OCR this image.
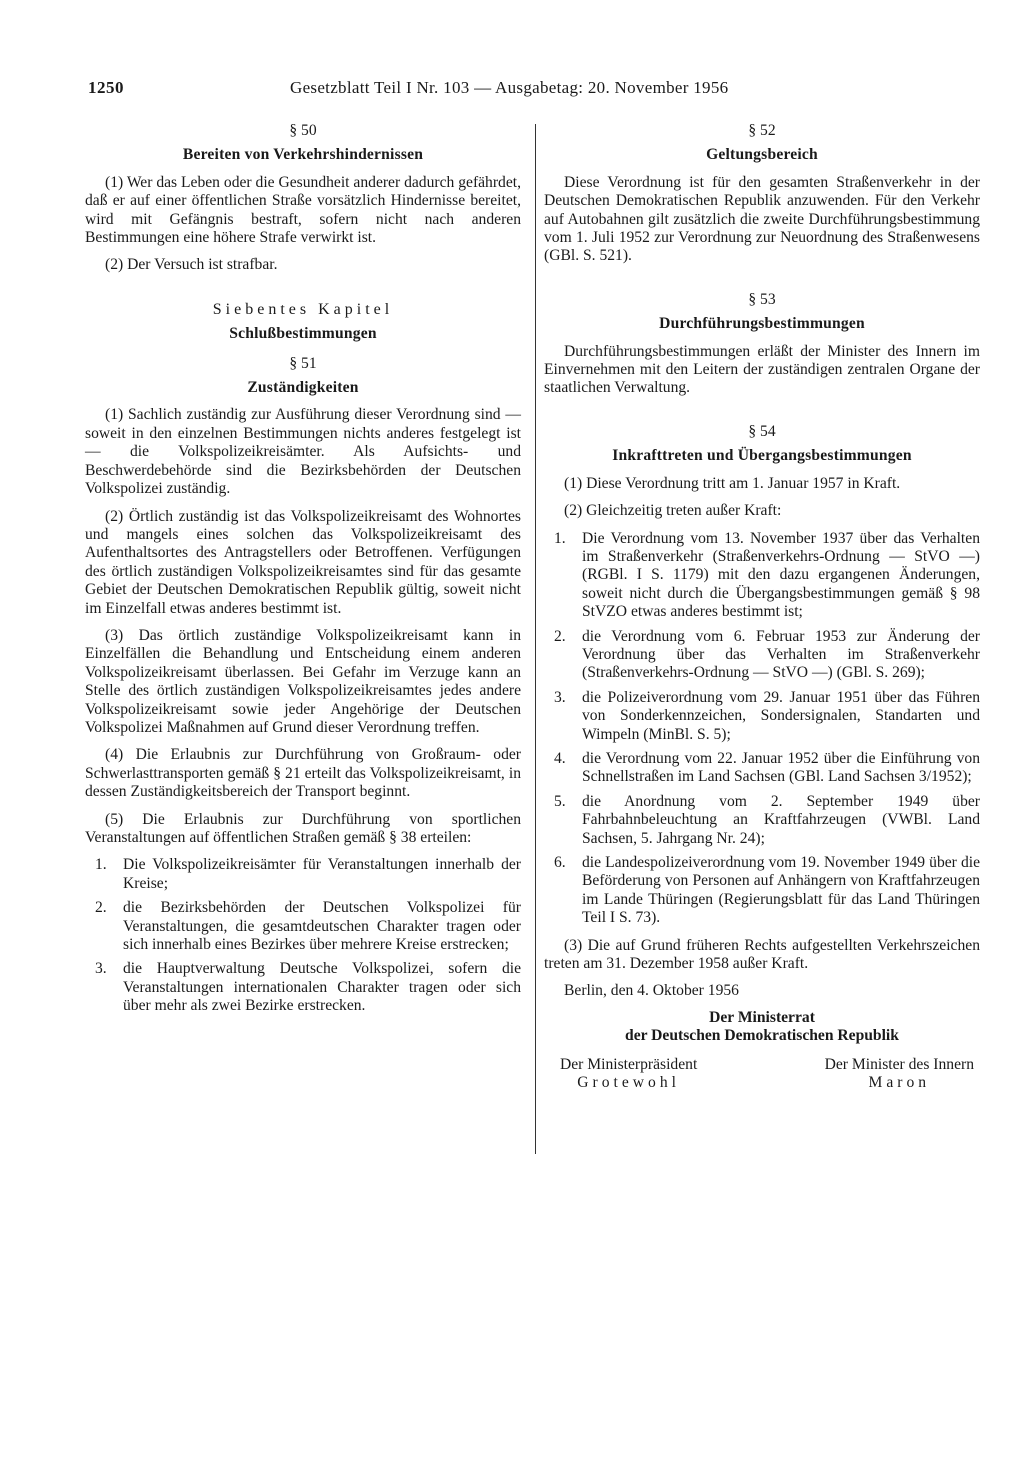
1250	Gesetzblatt Teil I Nr. 103 — Ausgabetag: 20. November 1956
§ 50
Bereiten von Verkehrshindernissen

(1) Wer das Leben oder die Gesundheit anderer dadurch gefährdet, daß er auf einer öffentlichen Straße vorsätzlich Hindernisse bereitet, wird mit Gefängnis bestraft, sofern nicht nach anderen Bestimmungen eine höhere Strafe verwirkt ist.

(2) Der Versuch ist strafbar.

Siebentes Kapitel
Schlußbestimmungen
§ 51
Zuständigkeiten

(1) Sachlich zuständig zur Ausführung dieser Verordnung sind — soweit in den einzelnen Bestimmungen nichts anderes festgelegt ist — die Volkspolizeikreisämter. Als Aufsichts- und Beschwerdebehörde sind die Bezirksbehörden der Deutschen Volkspolizei zuständig.

(2) Örtlich zuständig ist das Volkspolizeikreisamt des Wohnortes und mangels eines solchen das Volkspolizeikreisamt des Aufenthaltsortes des Antragstellers oder Betroffenen. Verfügungen des örtlich zuständigen Volkspolizeikreisamtes sind für das gesamte Gebiet der Deutschen Demokratischen Republik gültig, soweit nicht im Einzelfall etwas anderes bestimmt ist.

(3) Das örtlich zuständige Volkspolizeikreisamt kann in Einzelfällen die Behandlung und Entscheidung einem anderen Volkspolizeikreisamt überlassen. Bei Gefahr im Verzuge kann an Stelle des örtlich zuständigen Volkspolizeikreisamtes jedes andere Volkspolizeikreisamt sowie jeder Angehörige der Deutschen Volkspolizei Maßnahmen auf Grund dieser Verordnung treffen.

(4) Die Erlaubnis zur Durchführung von Großraum- oder Schwerlasttransporten gemäß § 21 erteilt das Volkspolizeikreisamt, in dessen Zuständigkeitsbereich der Transport beginnt.

(5) Die Erlaubnis zur Durchführung von sportlichen Veranstaltungen auf öffentlichen Straßen gemäß § 38 erteilen:

1.	Die Volkspolizeikreisämter für Veranstaltungen innerhalb der Kreise;
2.	die Bezirksbehörden der Deutschen Volkspolizei für Veranstaltungen, die gesamtdeutschen Charakter tragen oder sich innerhalb eines Bezirkes über mehrere Kreise erstrecken;
3.	die Hauptverwaltung Deutsche Volkspolizei, sofern die Veranstaltungen internationalen Charakter tragen oder sich über mehr als zwei Bezirke erstrecken.
§ 52
Geltungsbereich

Diese Verordnung ist für den gesamten Straßenverkehr in der Deutschen Demokratischen Republik anzuwenden. Für den Verkehr auf Autobahnen gilt zusätzlich die zweite Durchführungsbestimmung vom 1. Juli 1952 zur Verordnung zur Neuordnung des Straßenwesens (GBl. S. 521).

§ 53
Durchführungsbestimmungen

Durchführungsbestimmungen erläßt der Minister des Innern im Einvernehmen mit den Leitern der zuständigen zentralen Organe der staatlichen Verwaltung.

§ 54
Inkrafttreten und Übergangsbestimmungen

(1) Diese Verordnung tritt am 1. Januar 1957 in Kraft.

(2) Gleichzeitig treten außer Kraft:

1.	Die Verordnung vom 13. November 1937 über das Verhalten im Straßenverkehr (Straßenverkehrs-Ordnung — StVO —) (RGBl. I S. 1179) mit den dazu ergangenen Änderungen, soweit nicht durch die Übergangsbestimmungen gemäß § 98 StVZO etwas anderes bestimmt ist;
2.	die Verordnung vom 6. Februar 1953 zur Änderung der Verordnung über das Verhalten im Straßenverkehr (Straßenverkehrs-Ordnung — StVO —) (GBl. S. 269);
3.	die Polizeiverordnung vom 29. Januar 1951 über das Führen von Sonderkennzeichen, Sondersignalen, Standarten und Wimpeln (MinBl. S. 5);
4.	die Verordnung vom 22. Januar 1952 über die Einführung von Schnellstraßen im Land Sachsen (GBl. Land Sachsen 3/1952);
5.	die Anordnung vom 2. September 1949 über Fahrbahnbeleuchtung an Kraftfahrzeugen (VWBl. Land Sachsen, 5. Jahrgang Nr. 24);
6.	die Landespolizeiverordnung vom 19. November 1949 über die Beförderung von Personen auf Anhängern von Kraftfahrzeugen im Lande Thüringen (Regierungsblatt für das Land Thüringen Teil I S. 73).

(3) Die auf Grund früheren Rechts aufgestellten Verkehrszeichen treten am 31. Dezember 1958 außer Kraft.

Berlin, den 4. Oktober 1956
Der Ministerrat
der Deutschen Demokratischen Republik
Der Ministerpräsident
Grotewohl
Der Minister des Innern
Maron
